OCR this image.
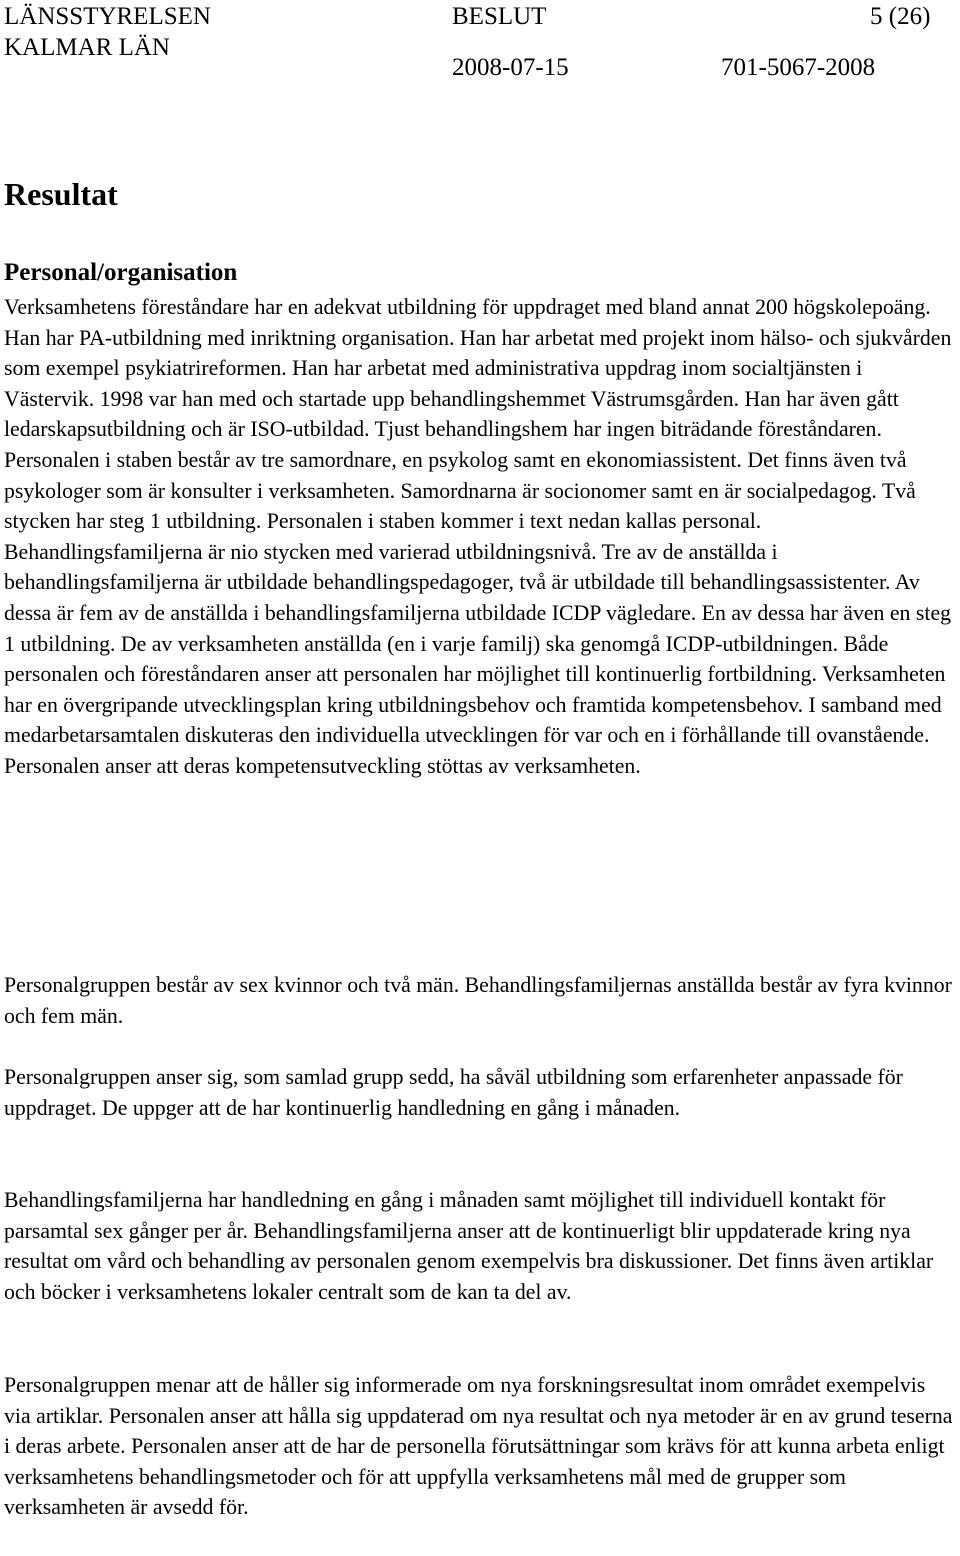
LÄNSSTYRELSEN
KALMAR LÄN
BESLUT	5 (26)
2008-07-15	701-5067-2008
Resultat
Personal/organisation

Verksamhetens föreståndare har en adekvat utbildning för uppdraget med bland annat 200 högskolepoäng. Han har PA-utbildning med inriktning organisation. Han har arbetat med projekt inom hälso- och sjukvården som exempel psykiatrireformen. Han har arbetat med administrativa uppdrag inom socialtjänsten i Västervik. 1998 var han med och startade upp behandlingshemmet Västrumsgården. Han har även gått ledarskapsutbildning och är ISO-utbildad. Tjust behandlingshem har ingen biträdande föreståndaren. Personalen i staben består av tre samordnare, en psykolog samt en ekonomiassistent. Det finns även två psykologer som är konsulter i verksamheten. Samordnarna är socionomer samt en är socialpedagog. Två stycken har steg 1 utbildning. Personalen i staben kommer i text nedan kallas personal. Behandlingsfamiljerna är nio stycken med varierad utbildningsnivå. Tre av de anställda i behandlingsfamiljerna är utbildade behandlingspedagoger, två är utbildade till behandlingsassistenter. Av dessa är fem av de anställda i behandlingsfamiljerna utbildade ICDP vägledare. En av dessa har även en steg 1 utbildning. De av verksamheten anställda (en i varje familj) ska genomgå ICDP-utbildningen. Både personalen och föreståndaren anser att personalen har möjlighet till kontinuerlig fortbildning. Verksamheten har en övergripande utvecklingsplan kring utbildningsbehov och framtida kompetensbehov. I samband med medarbetarsamtalen diskuteras den individuella utvecklingen för var och en i förhållande till ovanstående. Personalen anser att deras kompetensutveckling stöttas av verksamheten.

Personalgruppen består av sex kvinnor och två män. Behandlingsfamiljernas anställda består av fyra kvinnor och fem män.

Personalgruppen anser sig, som samlad grupp sedd, ha såväl utbildning som erfarenheter anpassade för uppdraget. De uppger att de har kontinuerlig handledning en gång i månaden.

Behandlingsfamiljerna har handledning en gång i månaden samt möjlighet till individuell kontakt för parsamtal sex gånger per år. Behandlingsfamiljerna anser att de kontinuerligt blir uppdaterade kring nya resultat om vård och behandling av personalen genom exempelvis bra diskussioner. Det finns även artiklar och böcker i verksamhetens lokaler centralt som de kan ta del av.

Personalgruppen menar att de håller sig informerade om nya forskningsresultat inom området exempelvis via artiklar. Personalen anser att hålla sig uppdaterad om nya resultat och nya metoder är en av grund teserna i deras arbete. Personalen anser att de har de personella förutsättningar som krävs för att kunna arbeta enligt verksamhetens behandlingsmetoder och för att uppfylla verksamhetens mål med de grupper som verksamheten är avsedd för.
